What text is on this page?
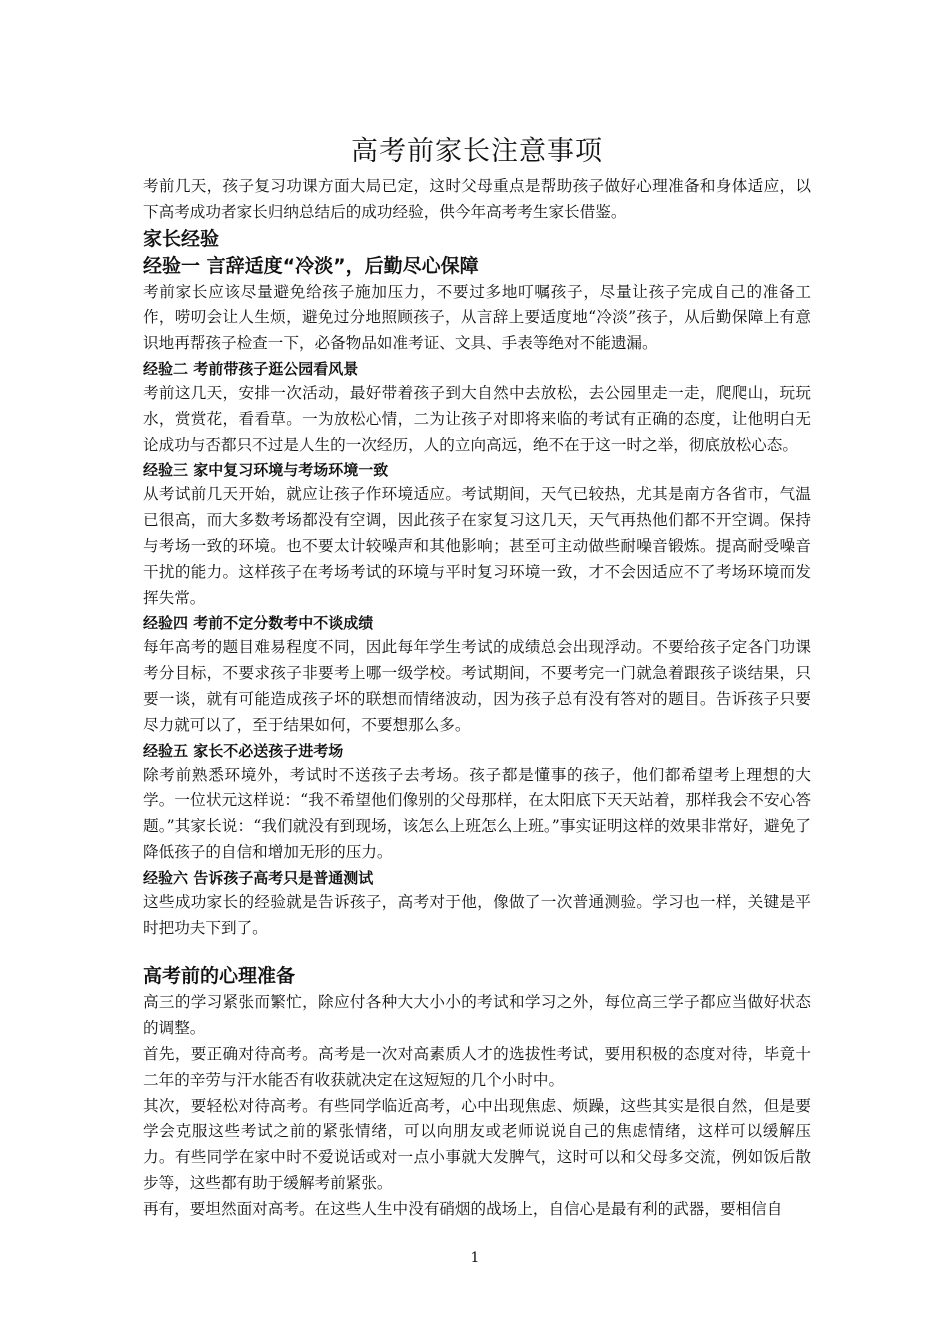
高考前家长注意事项

考前几天，孩子复习功课方面大局已定，这时父母重点是帮助孩子做好心理准备和身体适应，以下高考成功者家长归纳总结后的成功经验，供今年高考考生家长借鉴。

家长经验
经验一 言辞适度“冷淡”，后勤尽心保障

考前家长应该尽量避免给孩子施加压力，不要过多地叮嘱孩子，尽量让孩子完成自己的准备工作，唠叨会让人生烦，避免过分地照顾孩子，从言辞上要适度地“冷淡”孩子，从后勤保障上有意识地再帮孩子检查一下，必备物品如准考证、文具、手表等绝对不能遗漏。

经验二 考前带孩子逛公园看风景

考前这几天，安排一次活动，最好带着孩子到大自然中去放松，去公园里走一走，爬爬山，玩玩水，赏赏花，看看草。一为放松心情，二为让孩子对即将来临的考试有正确的态度，让他明白无论成功与否都只不过是人生的一次经历，人的立向高远，绝不在于这一时之举，彻底放松心态。

经验三 家中复习环境与考场环境一致

从考试前几天开始，就应让孩子作环境适应。考试期间，天气已较热，尤其是南方各省市，气温已很高，而大多数考场都没有空调，因此孩子在家复习这几天，天气再热他们都不开空调。保持与考场一致的环境。也不要太计较噪声和其他影响；甚至可主动做些耐噪音锻炼。提高耐受噪音干扰的能力。这样孩子在考场考试的环境与平时复习环境一致，才不会因适应不了考场环境而发挥失常。

经验四 考前不定分数考中不谈成绩

每年高考的题目难易程度不同，因此每年学生考试的成绩总会出现浮动。不要给孩子定各门功课考分目标，不要求孩子非要考上哪一级学校。考试期间，不要考完一门就急着跟孩子谈结果，只要一谈，就有可能造成孩子坏的联想而情绪波动，因为孩子总有没有答对的题目。告诉孩子只要尽力就可以了，至于结果如何，不要想那么多。

经验五 家长不必送孩子进考场

除考前熟悉环境外，考试时不送孩子去考场。孩子都是懂事的孩子，他们都希望考上理想的大学。一位状元这样说：“我不希望他们像别的父母那样，在太阳底下天天站着，那样我会不安心答题。”其家长说：“我们就没有到现场，该怎么上班怎么上班。”事实证明这样的效果非常好，避免了降低孩子的自信和增加无形的压力。

经验六 告诉孩子高考只是普通测试

这些成功家长的经验就是告诉孩子，高考对于他，像做了一次普通测验。学习也一样，关键是平时把功夫下到了。

高考前的心理准备

高三的学习紧张而繁忙，除应付各种大大小小的考试和学习之外，每位高三学子都应当做好状态的调整。

首先，要正确对待高考。高考是一次对高素质人才的选拔性考试，要用积极的态度对待，毕竟十二年的辛劳与汗水能否有收获就决定在这短短的几个小时中。

其次，要轻松对待高考。有些同学临近高考，心中出现焦虑、烦躁，这些其实是很自然，但是要学会克服这些考试之前的紧张情绪，可以向朋友或老师说说自己的焦虑情绪，这样可以缓解压力。有些同学在家中时不爱说话或对一点小事就大发脾气，这时可以和父母多交流，例如饭后散步等，这些都有助于缓解考前紧张。

再有，要坦然面对高考。在这些人生中没有硝烟的战场上，自信心是最有利的武器，要相信自

1
